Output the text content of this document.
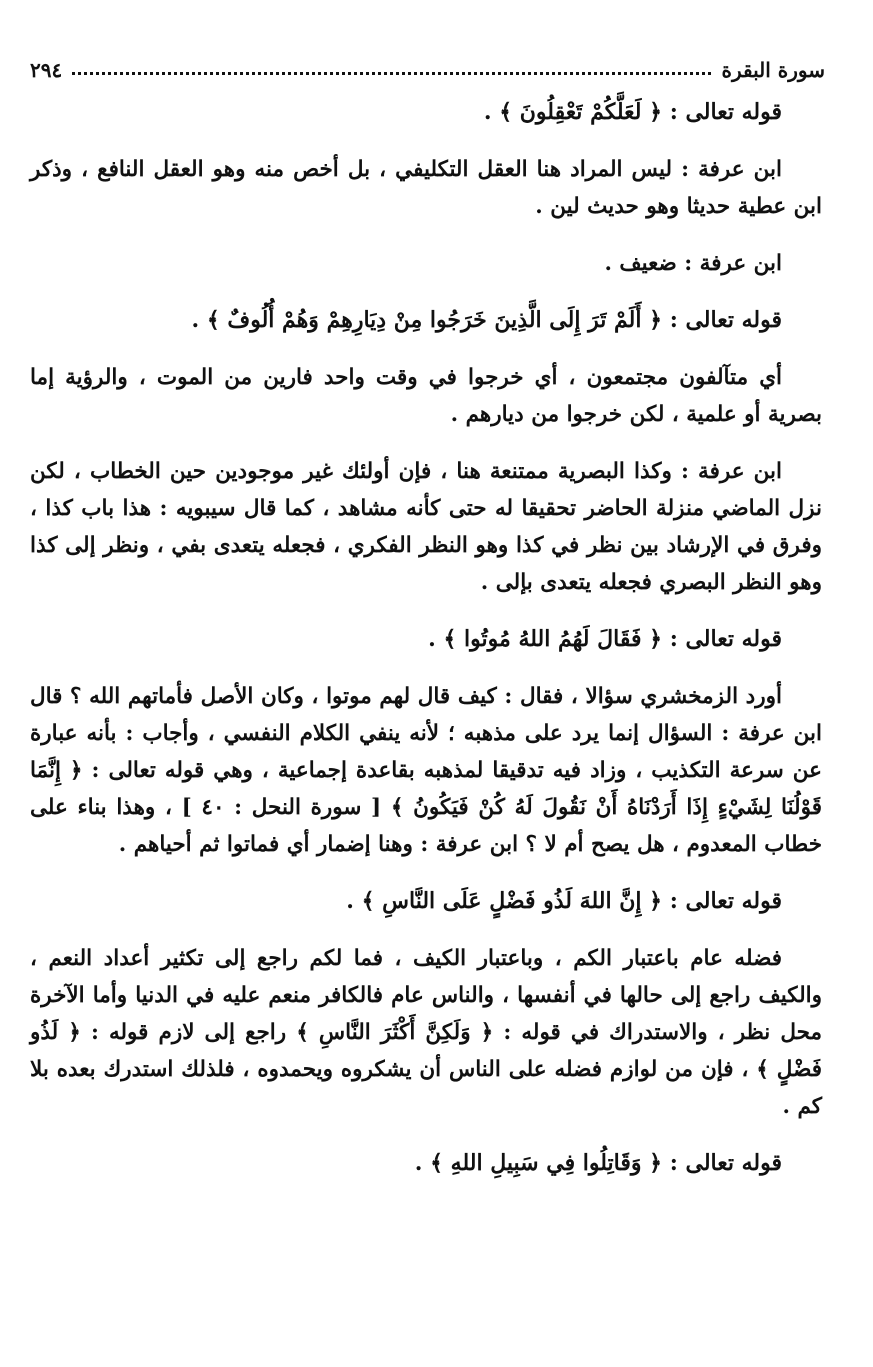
سورة البقرة
٢٩٤

قوله تعالى : ﴿ لَعَلَّكُمْ تَعْقِلُونَ ﴾ .

ابن عرفة : ليس المراد هنا العقل التكليفي ، بل أخص منه وهو العقل النافع ، وذكر ابن عطية حديثا وهو حديث لين .

ابن عرفة : ضعيف .

قوله تعالى : ﴿ أَلَمْ تَرَ إِلَى الَّذِينَ خَرَجُوا مِنْ دِيَارِهِمْ وَهُمْ أُلُوفٌ ﴾ .

أي متآلفون مجتمعون ، أي خرجوا في وقت واحد فارين من الموت ، والرؤية إما بصرية أو علمية ، لكن خرجوا من ديارهم .

ابن عرفة : وكذا البصرية ممتنعة هنا ، فإن أولئك غير موجودين حين الخطاب ، لكن نزل الماضي منزلة الحاضر تحقيقا له حتى كأنه مشاهد ، كما قال سيبويه : هذا باب كذا ، وفرق في الإرشاد بين نظر في كذا وهو النظر الفكري ، فجعله يتعدى بفي ، ونظر إلى كذا وهو النظر البصري فجعله يتعدى بإلى .

قوله تعالى : ﴿ فَقَالَ لَهُمُ اللهُ مُوتُوا ﴾ .

أورد الزمخشري سؤالا ، فقال : كيف قال لهم موتوا ، وكان الأصل فأماتهم الله ؟ قال ابن عرفة : السؤال إنما يرد على مذهبه ؛ لأنه ينفي الكلام النفسي ، وأجاب : بأنه عبارة عن سرعة التكذيب ، وزاد فيه تدقيقا لمذهبه بقاعدة إجماعية ، وهي قوله تعالى : ﴿ إِنَّمَا قَوْلُنَا لِشَيْءٍ إِذَا أَرَدْنَاهُ أَنْ نَقُولَ لَهُ كُنْ فَيَكُونُ ﴾ [ سورة النحل : ٤٠ ] ، وهذا بناء على خطاب المعدوم ، هل يصح أم لا ؟ ابن عرفة : وهنا إضمار أي فماتوا ثم أحياهم .

قوله تعالى : ﴿ إِنَّ اللهَ لَذُو فَضْلٍ عَلَى النَّاسِ ﴾ .

فضله عام باعتبار الكم ، وباعتبار الكيف ، فما لكم راجع إلى تكثير أعداد النعم ، والكيف راجع إلى حالها في أنفسها ، والناس عام فالكافر منعم عليه في الدنيا وأما الآخرة محل نظر ، والاستدراك في قوله : ﴿ وَلَكِنَّ أَكْثَرَ النَّاسِ ﴾ راجع إلى لازم قوله : ﴿ لَذُو فَضْلٍ ﴾ ، فإن من لوازم فضله على الناس أن يشكروه ويحمدوه ، فلذلك استدرك بعده بلا كم .

قوله تعالى : ﴿ وَقَاتِلُوا فِي سَبِيلِ اللهِ ﴾ .
